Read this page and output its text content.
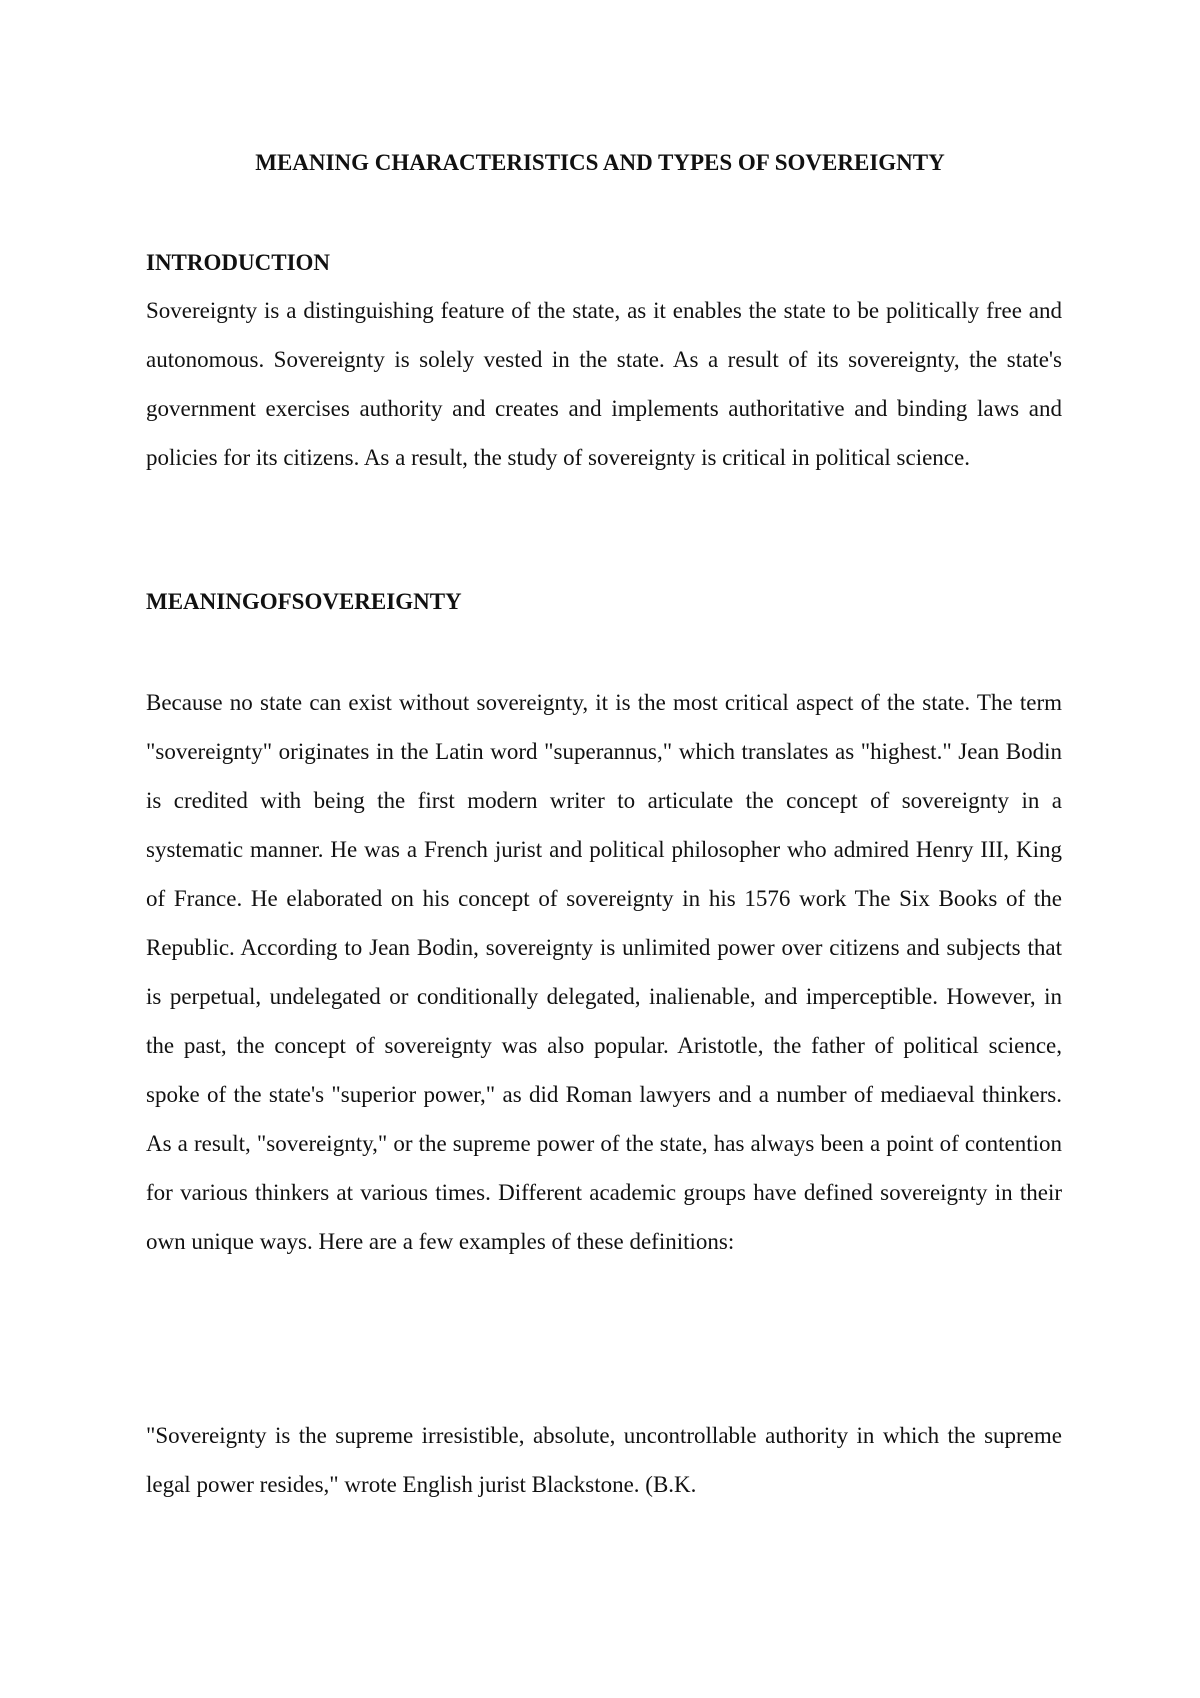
MEANING CHARACTERISTICS AND TYPES OF SOVEREIGNTY
INTRODUCTION

Sovereignty is a distinguishing feature of the state, as it enables the state to be politically free and autonomous. Sovereignty is solely vested in the state. As a result of its sovereignty, the state's government exercises authority and creates and implements authoritative and binding laws and policies for its citizens. As a result, the study of sovereignty is critical in political science.

MEANINGOFSOVEREIGNTY

Because no state can exist without sovereignty, it is the most critical aspect of the state. The term "sovereignty" originates in the Latin word "superannus," which translates as "highest." Jean Bodin is credited with being the first modern writer to articulate the concept of sovereignty in a systematic manner. He was a French jurist and political philosopher who admired Henry III, King of France. He elaborated on his concept of sovereignty in his 1576 work The Six Books of the Republic. According to Jean Bodin, sovereignty is unlimited power over citizens and subjects that is perpetual, undelegated or conditionally delegated, inalienable, and imperceptible. However, in the past, the concept of sovereignty was also popular. Aristotle, the father of political science, spoke of the state's "superior power," as did Roman lawyers and a number of mediaeval thinkers. As a result, "sovereignty," or the supreme power of the state, has always been a point of contention for various thinkers at various times. Different academic groups have defined sovereignty in their own unique ways. Here are a few examples of these definitions:

"Sovereignty is the supreme irresistible, absolute, uncontrollable authority in which the supreme legal power resides," wrote English jurist Blackstone. (B.K.
